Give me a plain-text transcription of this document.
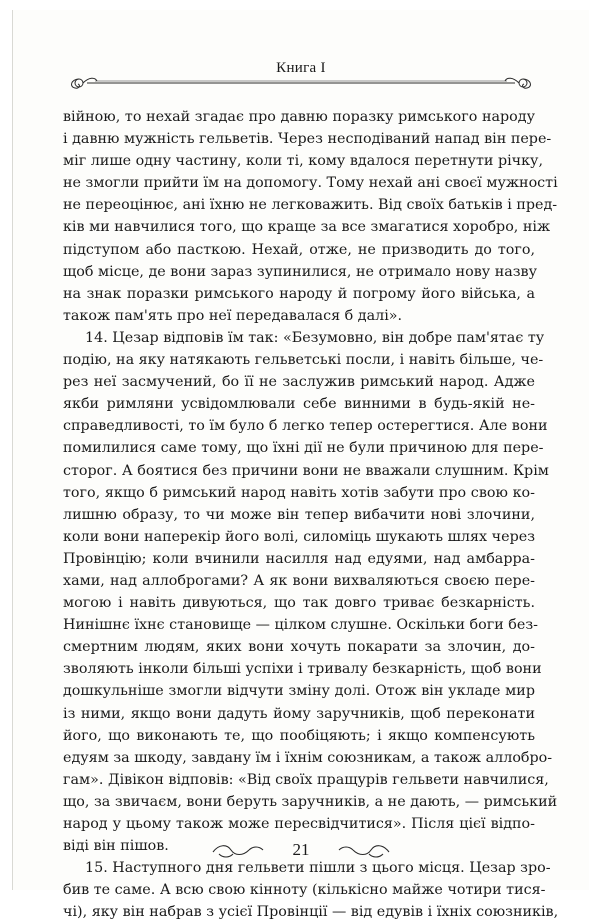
Книга І

війною, то нехай згадає про давню поразку римського народу

і давню мужність гельветів. Через несподіваний напад він пере-

міг лише одну частину, коли ті, кому вдалося перетнути річку,

не змогли прийти їм на допомогу. Тому нехай ані своєї мужності

не переоцінює, ані їхню не легковажить. Від своїх батьків і пред-

ків ми навчилися того, що краще за все змагатися хоробро, ніж

підступом або пасткою. Нехай, отже, не призводить до того,

щоб місце, де вони зараз зупинилися, не отримало нову назву

на знак поразки римського народу й погрому його війська, а

також пам'ять про неї передавалася б далі».

14. Цезар відповів їм так: «Безумовно, він добре пам'ятає ту

подію, на яку натякають гельветські посли, і навіть більше, че-

рез неї засмучений, бо її не заслужив римський народ. Адже

якби римляни усвідомлювали себе винними в будь-якій не-

справедливості, то їм було б легко тепер остерегтися. Але вони

помилилися саме тому, що їхні дії не були причиною для пере-

сторог. А боятися без причини вони не вважали слушним. Крім

того, якщо б римський народ навіть хотів забути про свою ко-

лишню образу, то чи може він тепер вибачити нові злочини,

коли вони наперекір його волі, силоміць шукають шлях через

Провінцію; коли вчинили насилля над едуями, над амбарра-

хами, над аллоброгами? А як вони вихваляються своєю пере-

могою і навіть дивуються, що так довго триває безкарність.

Нинішнє їхнє становище — цілком слушне. Оскільки боги без-

смертним людям, яких вони хочуть покарати за злочин, до-

зволяють інколи більші успіхи і тривалу безкарність, щоб вони

дошкульніше змогли відчути зміну долі. Отож він укладе мир

із ними, якщо вони дадуть йому заручників, щоб переконати

його, що виконають те, що пообіцяють; і якщо компенсують

едуям за шкоду, завдану їм і їхнім союзникам, а також аллобро-

гам». Дівікон відповів: «Від своїх пращурів гельвети навчилися,

що, за звичаєм, вони беруть заручників, а не дають, — римський

народ у цьому також може пересвідчитися». Після цієї відпо-

віді він пішов.

15. Наступного дня гельвети пішли з цього місця. Цезар зро-

бив те саме. А всю свою кінноту (кількісно майже чотири тися-

чі), яку він набрав з усієї Провінції — від едувів і їхніх союзників,

21
